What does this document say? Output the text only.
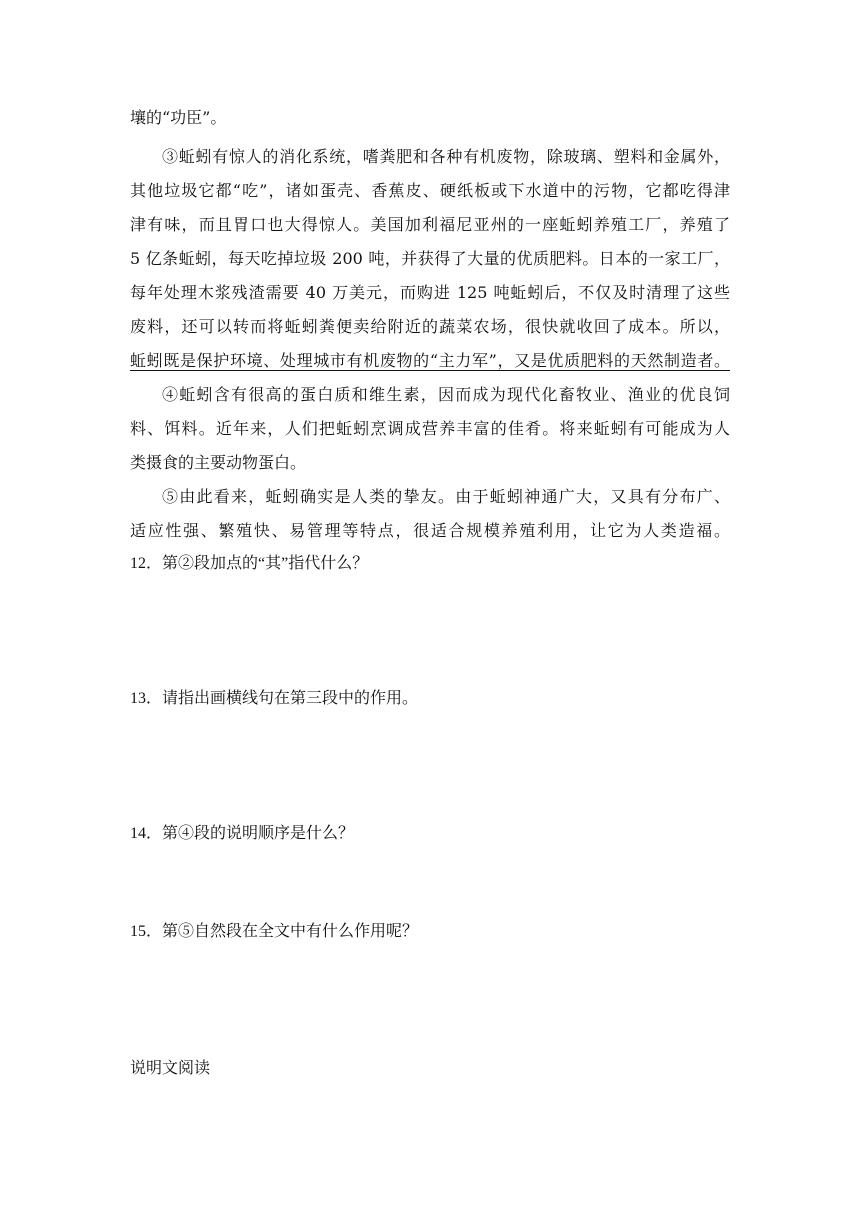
壤的“功臣”。
③蚯蚓有惊人的消化系统，嗜粪肥和各种有机废物，除玻璃、塑料和金属外，
其他垃圾它都“吃”，诸如蛋壳、香蕉皮、硬纸板或下水道中的污物，它都吃得津
津有味，而且胃口也大得惊人。美国加利福尼亚州的一座蚯蚓养殖工厂，养殖了
5 亿条蚯蚓，每天吃掉垃圾 200 吨，并获得了大量的优质肥料。日本的一家工厂，
每年处理木浆残渣需要 40 万美元，而购进 125 吨蚯蚓后，不仅及时清理了这些
废料，还可以转而将蚯蚓粪便卖给附近的蔬菜农场，很快就收回了成本。所以，
蚯蚓既是保护环境、处理城市有机废物的“主力军”，又是优质肥料的天然制造者。
④蚯蚓含有很高的蛋白质和维生素，因而成为现代化畜牧业、渔业的优良饲
料、饵料。近年来，人们把蚯蚓烹调成营养丰富的佳肴。将来蚯蚓有可能成为人
类摄食的主要动物蛋白。
⑤由此看来，蚯蚓确实是人类的挚友。由于蚯蚓神通广大，又具有分布广、
适应性强、繁殖快、易管理等特点，很适合规模养殖利用，让它为人类造福。
12．第②段加点的“其”指代什么？
13．请指出画横线句在第三段中的作用。
14．第④段的说明顺序是什么？
15．第⑤自然段在全文中有什么作用呢？
说明文阅读
